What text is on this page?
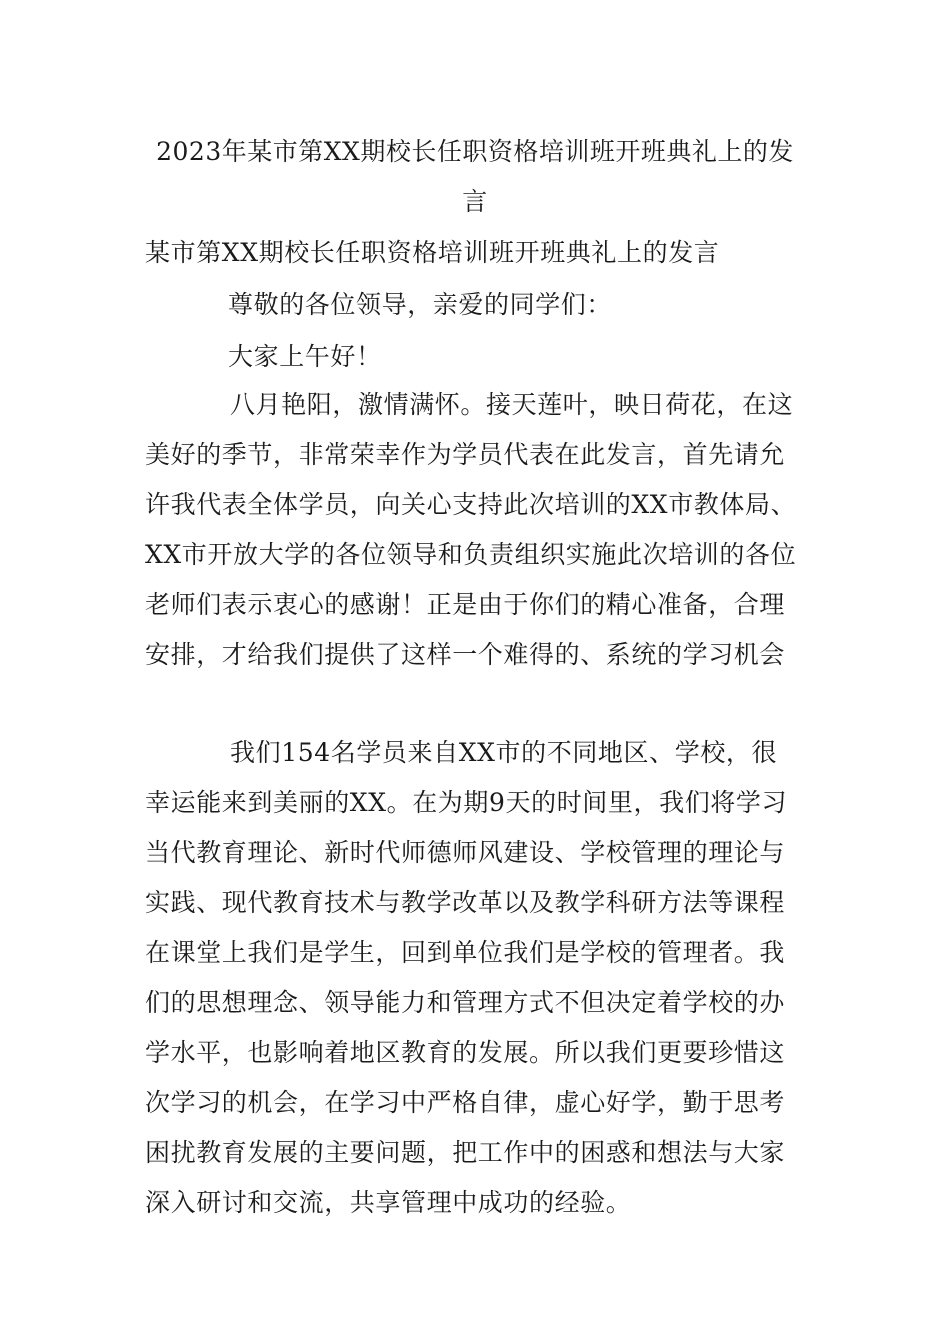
2023年某市第XX期校长任职资格培训班开班典礼上的发
言
某市第XX期校长任职资格培训班开班典礼上的发言
尊敬的各位领导，亲爱的同学们：
大家上午好！
八月艳阳，激情满怀。接天莲叶，映日荷花，在这
美好的季节，非常荣幸作为学员代表在此发言，首先请允
许我代表全体学员，向关心支持此次培训的XX市教体局、
XX市开放大学的各位领导和负责组织实施此次培训的各位
老师们表示衷心的感谢！正是由于你们的精心准备，合理
安排，才给我们提供了这样一个难得的、系统的学习机会
我们154名学员来自XX市的不同地区、学校，很
幸运能来到美丽的XX。在为期9天的时间里，我们将学习
当代教育理论、新时代师德师风建设、学校管理的理论与
实践、现代教育技术与教学改革以及教学科研方法等课程
在课堂上我们是学生，回到单位我们是学校的管理者。我
们的思想理念、领导能力和管理方式不但决定着学校的办
学水平，也影响着地区教育的发展。所以我们更要珍惜这
次学习的机会，在学习中严格自律，虚心好学，勤于思考
困扰教育发展的主要问题，把工作中的困惑和想法与大家
深入研讨和交流，共享管理中成功的经验。
